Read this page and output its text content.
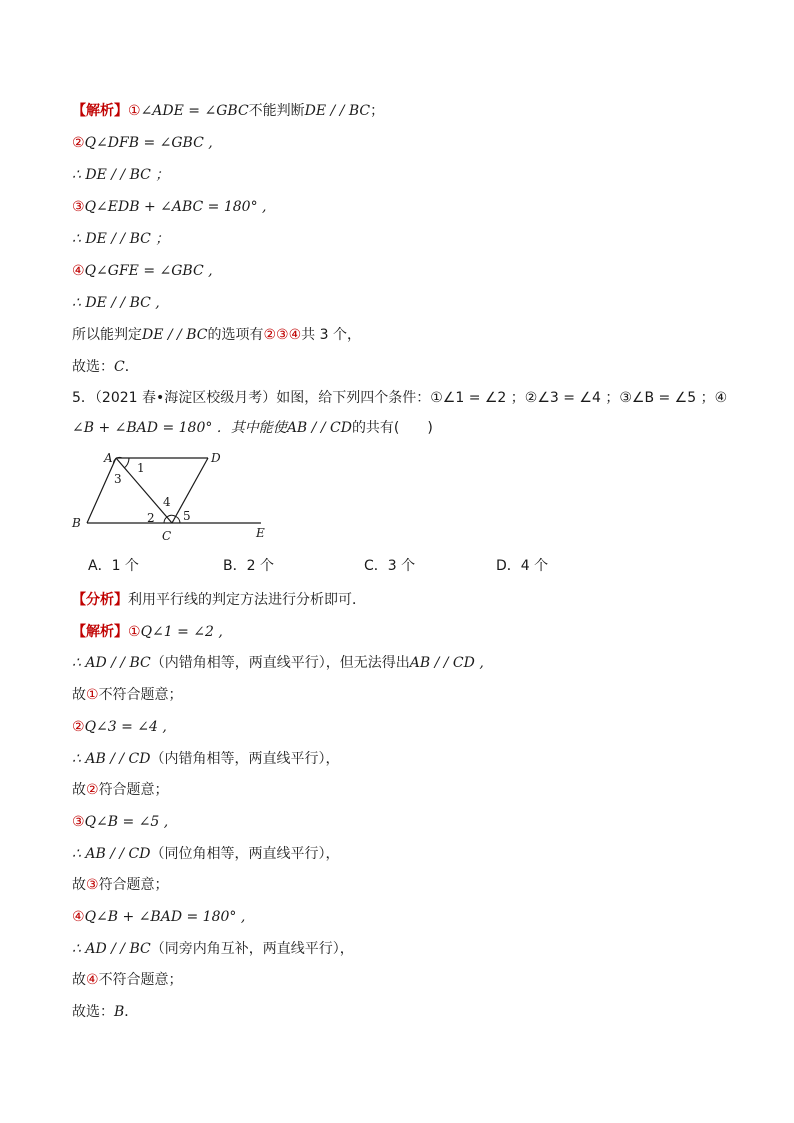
【解析】①∠ADE = ∠GBC不能判断DE / / BC；
②Q∠DFB = ∠GBC ,
∴ DE / / BC ；
③Q∠EDB + ∠ABC = 180° ,
∴ DE / / BC ；
④Q∠GFE = ∠GBC ,
∴ DE / / BC ,
所以能判定DE / / BC的选项有②③④共 3 个，
故选：C．
5．（2021 春•海淀区校级月考）如图，给下列四个条件：①∠1 = ∠2 ；②∠3 = ∠4 ；③∠B = ∠5 ；④
∠B + ∠BAD = 180° ．其中能使AB / / CD的共有(　　)
A	D
B
C	E
1
3
2
4
5
A．1 个	B．2 个	C．3 个	D．4 个
【分析】利用平行线的判定方法进行分析即可．
【解析】①Q∠1 = ∠2 ,
∴ AD / / BC（内错角相等，两直线平行），但无法得出AB / / CD ,
故①不符合题意；
②Q∠3 = ∠4 ,
∴ AB / / CD（内错角相等，两直线平行），
故②符合题意；
③Q∠B = ∠5 ,
∴ AB / / CD（同位角相等，两直线平行），
故③符合题意；
④Q∠B + ∠BAD = 180° ,
∴ AD / / BC（同旁内角互补，两直线平行），
故④不符合题意；
故选：B．
